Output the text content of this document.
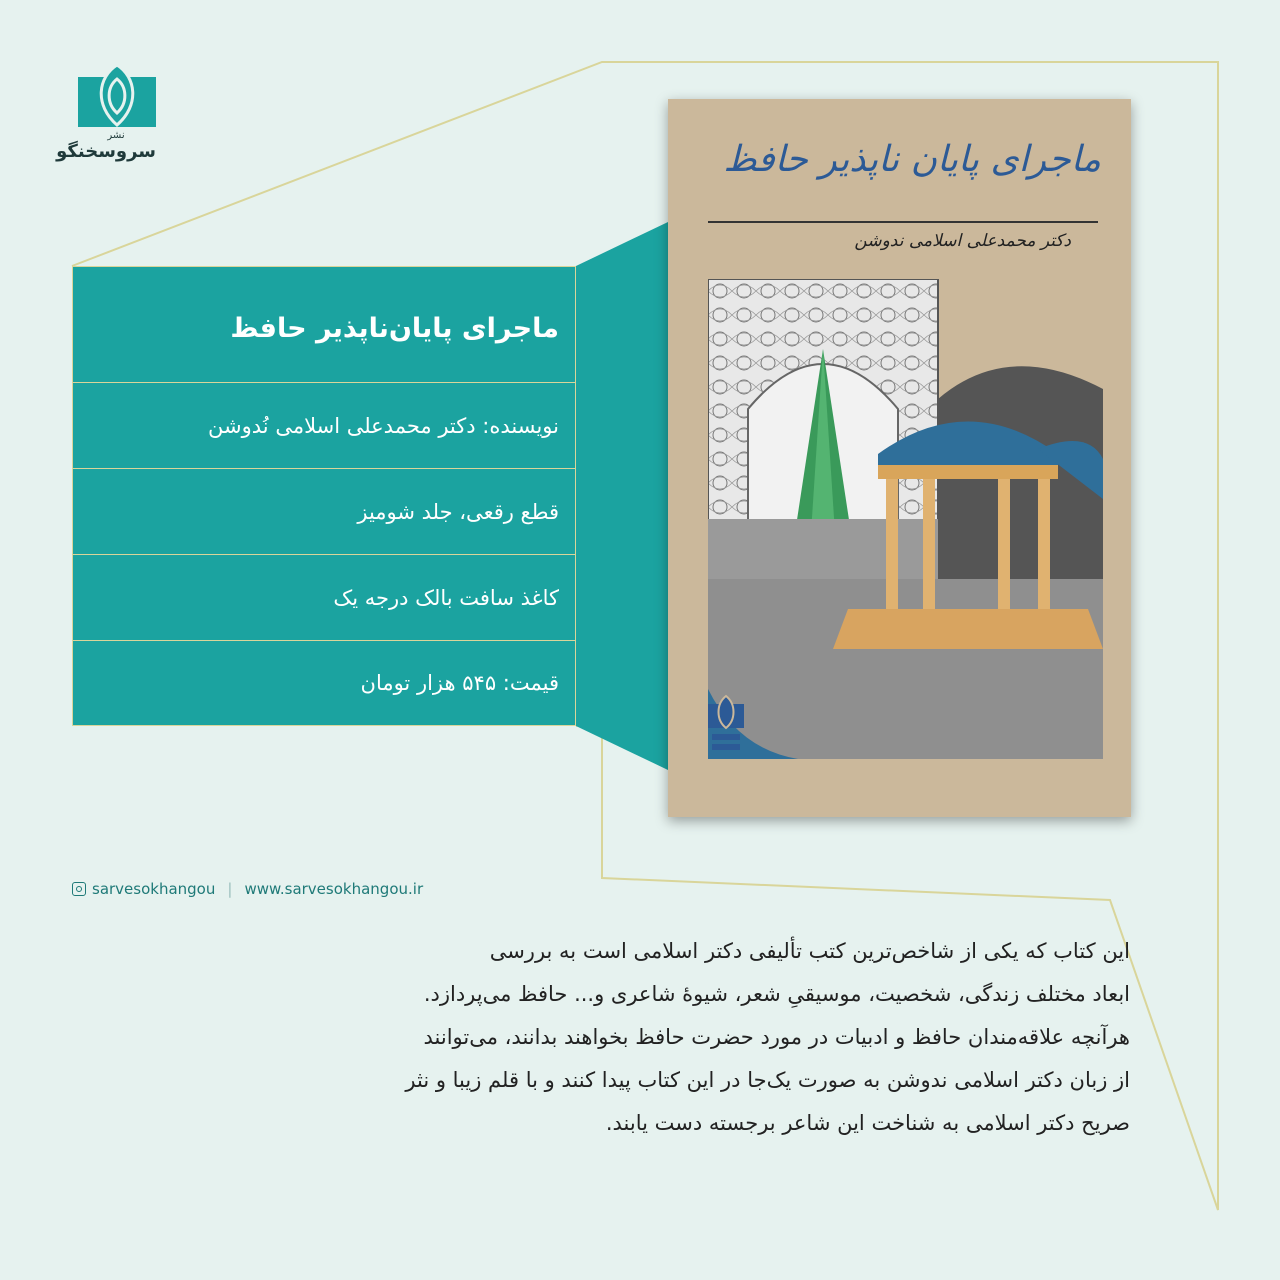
نشر
سروسخنگو
ماجرای پایان‌ناپذیر حافظ
نویسنده: دکتر محمدعلی اسلامی نُدوشن
قطع رقعی، جلد شومیز
کاغذ سافت بالک درجه یک
قیمت: ۵۴۵ هزار تومان
ماجرای پایان ناپذیر حافظ
دکتر محمدعلی اسلامی ندوشن
sarvesokhangou | www.sarvesokhangou.ir

این کتاب که یکی از شاخص‌ترین کتب تألیفی دکتر اسلامی است به بررسی

ابعاد مختلف زندگی، شخصیت، موسیقیِ شعر، شیوۀ شاعری و... حافظ می‌پردازد.

هرآنچه علاقه‌مندان حافظ و ادبیات در مورد حضرت حافظ بخواهند بدانند، می‌توانند

از زبان دکتر اسلامی ندوشن به صورت یک‌جا در این کتاب پیدا کنند و با قلم زیبا و نثر

صریح دکتر اسلامی به شناخت این شاعر برجسته دست یابند.
